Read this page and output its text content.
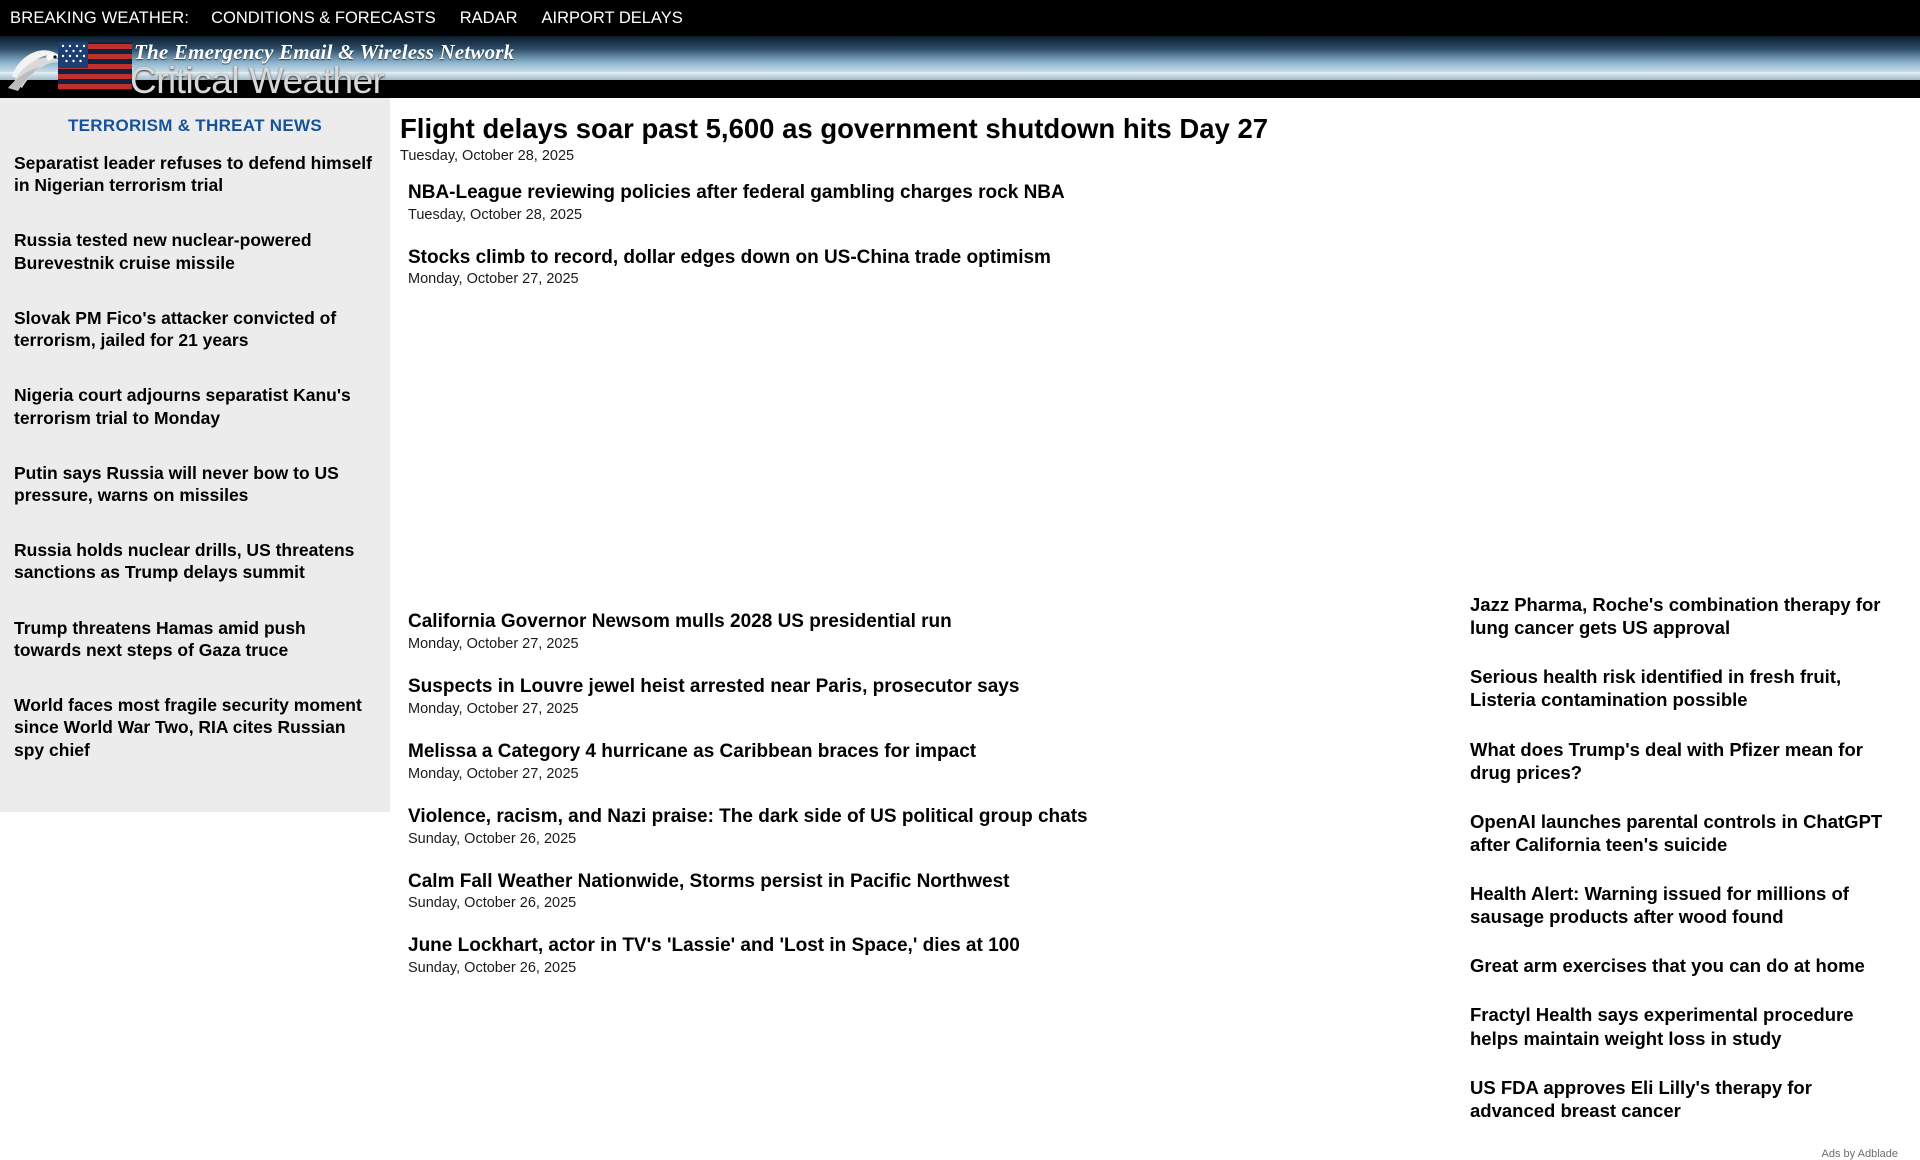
BREAKING WEATHER: CONDITIONS & FORECASTS RADAR AIRPORT DELAYS
The Emergency Email & Wireless Network
Critical Weather
TERRORISM & THREAT NEWS
Separatist leader refuses to defend himself in Nigerian terrorism trial
Russia tested new nuclear-powered Burevestnik cruise missile
Slovak PM Fico's attacker convicted of terrorism, jailed for 21 years
Nigeria court adjourns separatist Kanu's terrorism trial to Monday
Putin says Russia will never bow to US pressure, warns on missiles
Russia holds nuclear drills, US threatens sanctions as Trump delays summit
Trump threatens Hamas amid push towards next steps of Gaza truce
World faces most fragile security moment since World War Two, RIA cites Russian spy chief
Flight delays soar past 5,600 as government shutdown hits Day 27
Tuesday, October 28, 2025
NBA-League reviewing policies after federal gambling charges rock NBA
Tuesday, October 28, 2025
Stocks climb to record, dollar edges down on US-China trade optimism
Monday, October 27, 2025
California Governor Newsom mulls 2028 US presidential run
Monday, October 27, 2025
Suspects in Louvre jewel heist arrested near Paris, prosecutor says
Monday, October 27, 2025
Melissa a Category 4 hurricane as Caribbean braces for impact
Monday, October 27, 2025
Violence, racism, and Nazi praise: The dark side of US political group chats
Sunday, October 26, 2025
Calm Fall Weather Nationwide, Storms persist in Pacific Northwest
Sunday, October 26, 2025
June Lockhart, actor in TV's 'Lassie' and 'Lost in Space,' dies at 100
Sunday, October 26, 2025
Jazz Pharma, Roche's combination therapy for lung cancer gets US approval
Serious health risk identified in fresh fruit, Listeria contamination possible
What does Trump's deal with Pfizer mean for drug prices?
OpenAI launches parental controls in ChatGPT after California teen's suicide
Health Alert: Warning issued for millions of sausage products after wood found
Great arm exercises that you can do at home
Fractyl Health says experimental procedure helps maintain weight loss in study
US FDA approves Eli Lilly's therapy for advanced breast cancer
Ads by Adblade
